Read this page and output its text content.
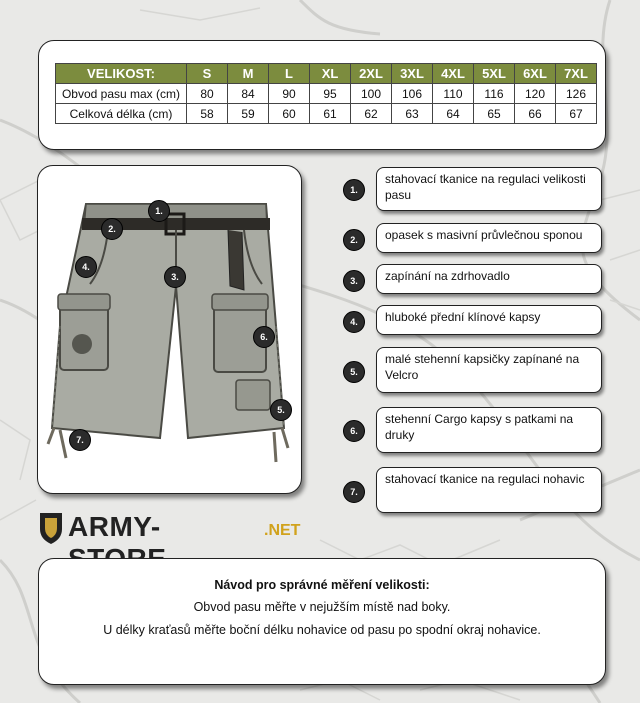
VELIKOST:	S	M	L	XL	2XL	3XL	4XL	5XL	6XL	7XL
Obvod pasu max (cm)	80	84	90	95	100	106	110	116	120	126
Celková délka (cm)	58	59	60	61	62	63	64	65	66	67
1.
2.
3.
4.
5.
6.
7.
1.
stahovací tkanice na regulaci velikosti pasu
2.	opasek s masivní průvlečnou sponou
3.	zapínání na zdrhovadlo
4.	hluboké přední klínové kapsy
5.
malé stehenní kapsičky zapínané na Velcro
6.
stehenní Cargo kapsy s patkami na druky
7.
stahovací tkanice na regulaci nohavic
ARMY-	.NET
Návod pro správné měření velikosti:
Obvod pasu měřte v nejužším místě nad boky.
U délky kraťasů měřte boční délku nohavice od pasu po spodní okraj nohavice.
